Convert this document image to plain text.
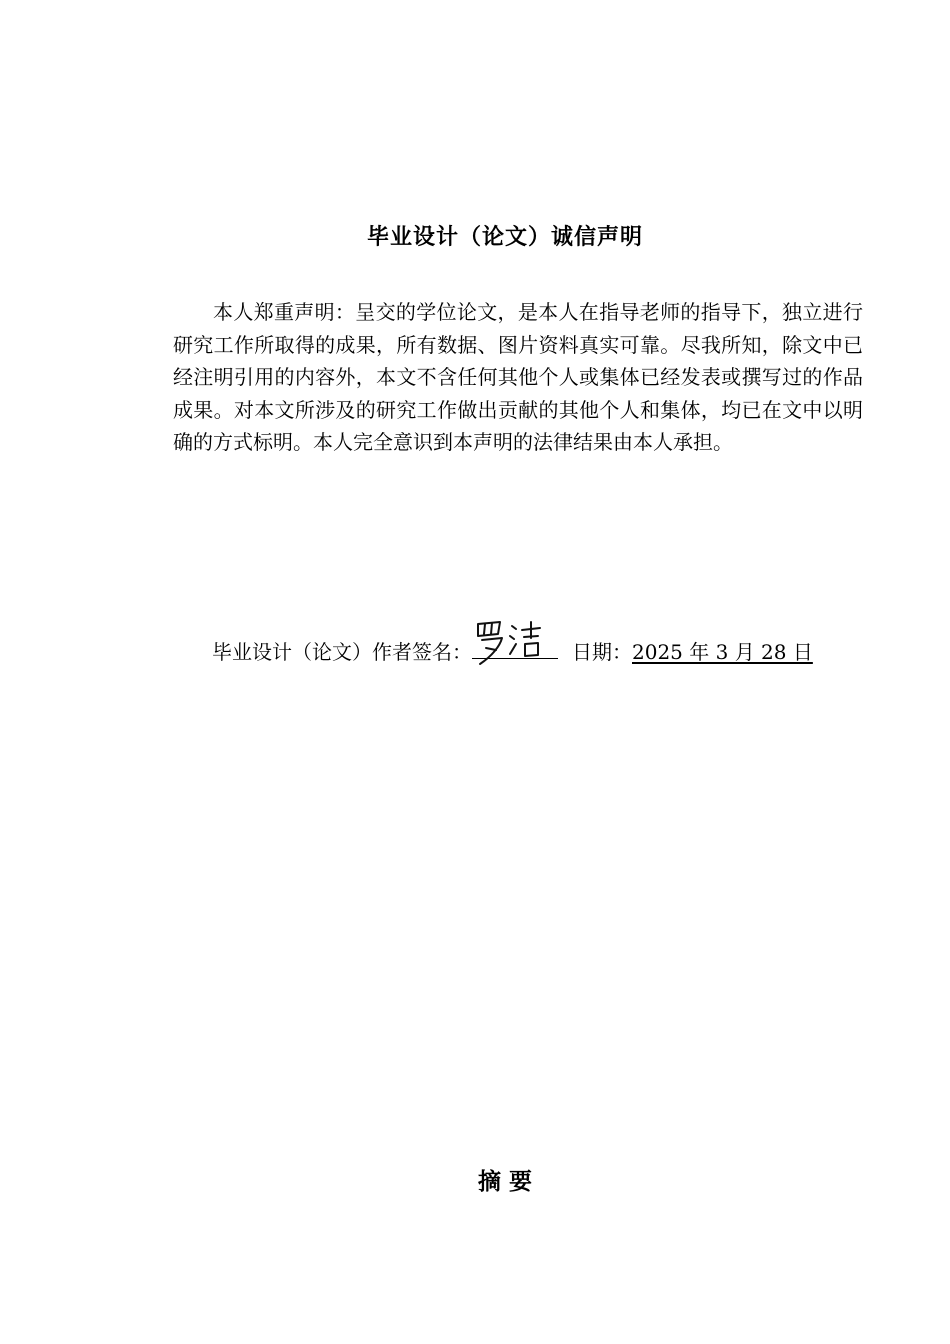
毕业设计（论文）诚信声明

本人郑重声明：呈交的学位论文，是本人在指导老师的指导下，独立进行研究工作所取得的成果，所有数据、图片资料真实可靠。尽我所知，除文中已经注明引用的内容外，本文不含任何其他个人或集体已经发表或撰写过的作品成果。对本文所涉及的研究工作做出贡献的其他个人和集体，均已在文中以明确的方式标明。本人完全意识到本声明的法律结果由本人承担。

毕业设计（论文）作者签名：	日期： 2025 年 3 月 28 日
摘 要
